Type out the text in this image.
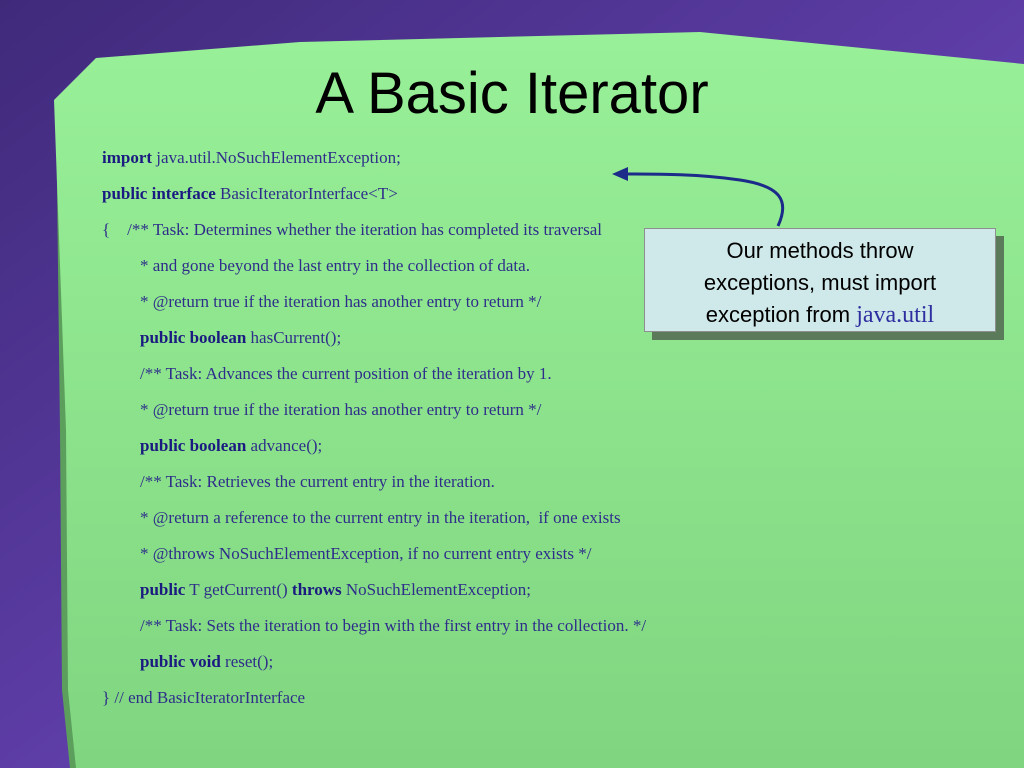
A Basic Iterator
import java.util.NoSuchElementException;
public interface BasicIteratorInterface<T>
{    /** Task: Determines whether the iteration has completed its traversal
* and gone beyond the last entry in the collection of data.
* @return true if the iteration has another entry to return */
public boolean hasCurrent();
/** Task: Advances the current position of the iteration by 1.
* @return true if the iteration has another entry to return */
public boolean advance();
/** Task: Retrieves the current entry in the iteration.
* @return a reference to the current entry in the iteration,  if one exists
* @throws NoSuchElementException, if no current entry exists */
public T getCurrent() throws NoSuchElementException;
/** Task: Sets the iteration to begin with the first entry in the collection. */
public void reset();
} // end BasicIteratorInterface
Our methods throw
exceptions, must import
exception from java.util
